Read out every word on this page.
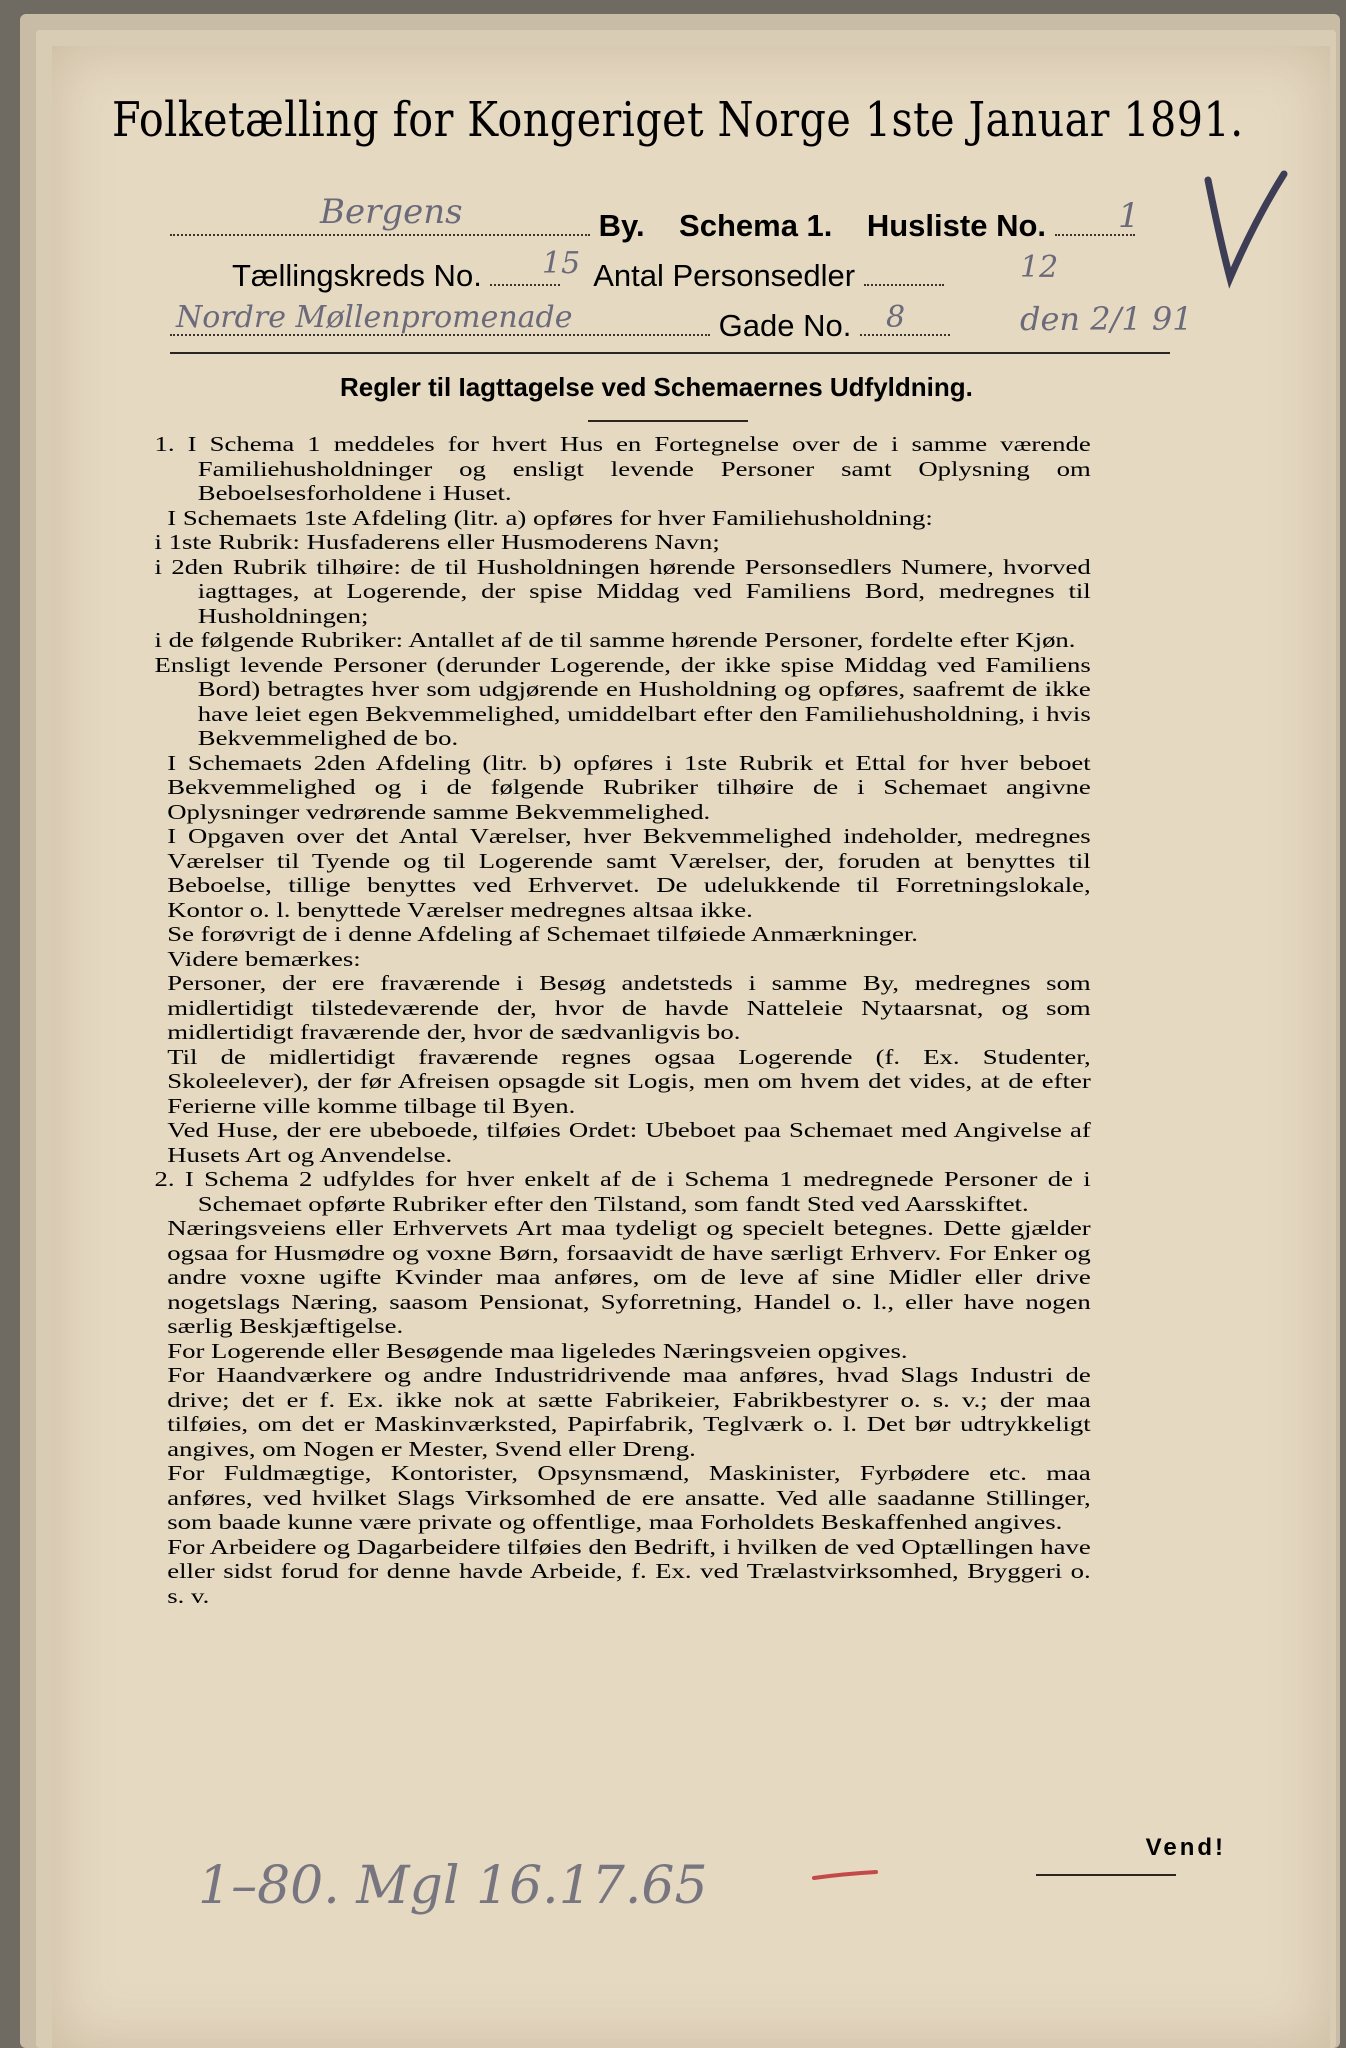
Folketælling for Kongeriget Norge 1ste Januar 1891.
By. Schema 1. Husliste No.
Bergens	1
Tællingskreds No.	Antal Personsedler
15	12
Gade No.
Nordre Møllenpromenade	8	den 2/1 91
Regler til Iagttagelse ved Schemaernes Udfyldning.

1. I Schema 1 meddeles for hvert Hus en Fortegnelse over de i samme værende Familiehusholdninger og ensligt levende Personer samt Oplysning om Beboelsesforholdene i Huset.

I Schemaets 1ste Afdeling (litr. a) opføres for hver Familiehusholdning:

i 1ste Rubrik: Husfaderens eller Husmoderens Navn;

i 2den Rubrik tilhøire: de til Husholdningen hørende Personsedlers Numere, hvorved iagttages, at Logerende, der spise Middag ved Familiens Bord, medregnes til Husholdningen;

i de følgende Rubriker: Antallet af de til samme hørende Personer, fordelte efter Kjøn.

Ensligt levende Personer (derunder Logerende, der ikke spise Middag ved Familiens Bord) betragtes hver som udgjørende en Husholdning og opføres, saafremt de ikke have leiet egen Bekvemmelighed, umiddelbart efter den Familiehusholdning, i hvis Bekvemmelighed de bo.

I Schemaets 2den Afdeling (litr. b) opføres i 1ste Rubrik et Ettal for hver beboet Bekvemmelighed og i de følgende Rubriker tilhøire de i Schemaet angivne Oplysninger vedrørende samme Bekvemmelighed.

I Opgaven over det Antal Værelser, hver Bekvemmelighed indeholder, medregnes Værelser til Tyende og til Logerende samt Værelser, der, foruden at benyttes til Beboelse, tillige benyttes ved Erhvervet. De udelukkende til Forretningslokale, Kontor o. l. benyttede Værelser medregnes altsaa ikke.

Se forøvrigt de i denne Afdeling af Schemaet tilføiede Anmærkninger.

Videre bemærkes:

Personer, der ere fraværende i Besøg andetsteds i samme By, medregnes som midlertidigt tilstedeværende der, hvor de havde Natteleie Nytaarsnat, og som midlertidigt fraværende der, hvor de sædvanligvis bo.

Til de midlertidigt fraværende regnes ogsaa Logerende (f. Ex. Studenter, Skoleelever), der før Afreisen opsagde sit Logis, men om hvem det vides, at de efter Ferierne ville komme tilbage til Byen.

Ved Huse, der ere ubeboede, tilføies Ordet: Ubeboet paa Schemaet med Angivelse af Husets Art og Anvendelse.

2. I Schema 2 udfyldes for hver enkelt af de i Schema 1 medregnede Personer de i Schemaet opførte Rubriker efter den Tilstand, som fandt Sted ved Aarsskiftet.

Næringsveiens eller Erhvervets Art maa tydeligt og specielt betegnes. Dette gjælder ogsaa for Husmødre og voxne Børn, forsaavidt de have særligt Erhverv. For Enker og andre voxne ugifte Kvinder maa anføres, om de leve af sine Midler eller drive nogetslags Næring, saasom Pensionat, Syforretning, Handel o. l., eller have nogen særlig Beskjæftigelse.

For Logerende eller Besøgende maa ligeledes Næringsveien opgives.

For Haandværkere og andre Industridrivende maa anføres, hvad Slags Industri de drive; det er f. Ex. ikke nok at sætte Fabrikeier, Fabrikbestyrer o. s. v.; der maa tilføies, om det er Maskinværksted, Papirfabrik, Teglværk o. l. Det bør udtrykkeligt angives, om Nogen er Mester, Svend eller Dreng.

For Fuldmægtige, Kontorister, Opsynsmænd, Maskinister, Fyrbødere etc. maa anføres, ved hvilket Slags Virksomhed de ere ansatte. Ved alle saadanne Stillinger, som baade kunne være private og offentlige, maa Forholdets Beskaffenhed angives.

For Arbeidere og Dagarbeidere tilføies den Bedrift, i hvilken de ved Optællingen have eller sidst forud for denne havde Arbeide, f. Ex. ved Trælastvirksomhed, Bryggeri o. s. v.

Vend!
1–80. Mgl 16.17.65
